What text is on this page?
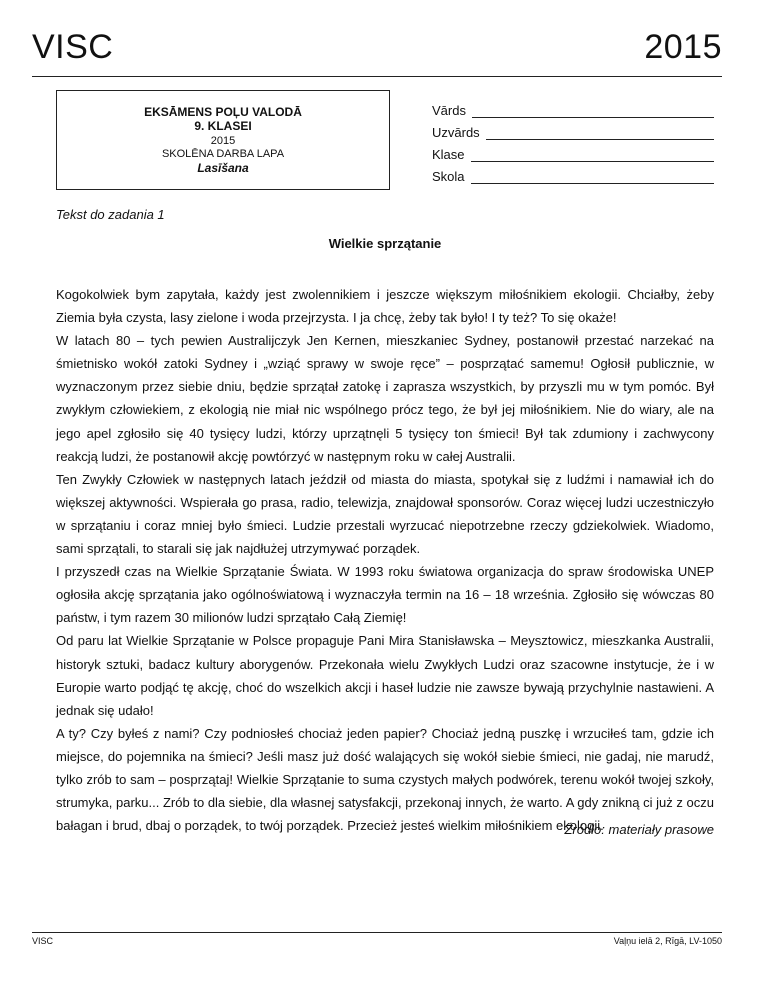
VISC	2015
EKSĀMENS POĻU VALODĀ
9. KLASEI
2015
SKOLĒNA DARBA LAPA
Lasīšana
Vārds
Uzvārds
Klase
Skola
Tekst do zadania 1
Wielkie sprzątanie

Kogokolwiek bym zapytała, każdy jest zwolennikiem i jeszcze większym miłośnikiem ekologii. Chciałby, żeby Ziemia była czysta, lasy zielone i woda przejrzysta. I ja chcę, żeby tak było! I ty też? To się okaże!

W latach 80 – tych pewien Australijczyk Jen Kernen, mieszkaniec Sydney, postanowił przestać narzekać na śmietnisko wokół zatoki Sydney i „wziąć sprawy w swoje ręce” – posprzątać samemu! Ogłosił publicznie, w wyznaczonym przez siebie dniu, będzie sprzątał zatokę i zaprasza wszystkich, by przyszli mu w tym pomóc. Był zwykłym człowiekiem, z ekologią nie miał nic wspólnego prócz tego, że był jej miłośnikiem. Nie do wiary, ale na jego apel zgłosiło się 40 tysięcy ludzi, którzy uprzątnęli 5 tysięcy ton śmieci! Był tak zdumiony i zachwycony reakcją ludzi, że postanowił akcję powtórzyć w następnym roku w całej Australii.

Ten Zwykły Człowiek w następnych latach jeździł od miasta do miasta, spotykał się z ludźmi i namawiał ich do większej aktywności. Wspierała go prasa, radio, telewizja, znajdował sponsorów. Coraz więcej ludzi uczestniczyło w sprzątaniu i coraz mniej było śmieci. Ludzie przestali wyrzucać niepotrzebne rzeczy gdziekolwiek. Wiadomo, sami sprzątali, to starali się jak najdłużej utrzymywać porządek.

I przyszedł czas na Wielkie Sprzątanie Świata. W 1993 roku światowa organizacja do spraw środowiska UNEP ogłosiła akcję sprzątania jako ogólnoświatową i wyznaczyła termin na 16 – 18 września. Zgłosiło się wówczas 80 państw, i tym razem 30 milionów ludzi sprzątało Całą Ziemię!

Od paru lat Wielkie Sprzątanie w Polsce propaguje Pani Mira Stanisławska – Meysztowicz, mieszkanka Australii, historyk sztuki, badacz kultury aborygenów. Przekonała wielu Zwykłych Ludzi oraz szacowne instytucje, że i w Europie warto podjąć tę akcję, choć do wszelkich akcji i haseł ludzie nie zawsze bywają przychylnie nastawieni. A jednak się udało!

A ty? Czy byłeś z nami? Czy podniosłeś chociaż jeden papier? Chociaż jedną puszkę i wrzuciłeś tam, gdzie ich miejsce, do pojemnika na śmieci? Jeśli masz już dość walających się wokół siebie śmieci, nie gadaj, nie marudź, tylko zrób to sam – posprzątaj! Wielkie Sprzątanie to suma czystych małych podwórek, terenu wokół twojej szkoły, strumyka, parku... Zrób to dla siebie, dla własnej satysfakcji, przekonaj innych, że warto. A gdy znikną ci już z oczu bałagan i brud, dbaj o porządek, to twój porządek. Przecież jesteś wielkim miłośnikiem ekologii.

Źródło: materiały prasowe
VISC	Vaļņu ielā 2, Rīgā, LV-1050
